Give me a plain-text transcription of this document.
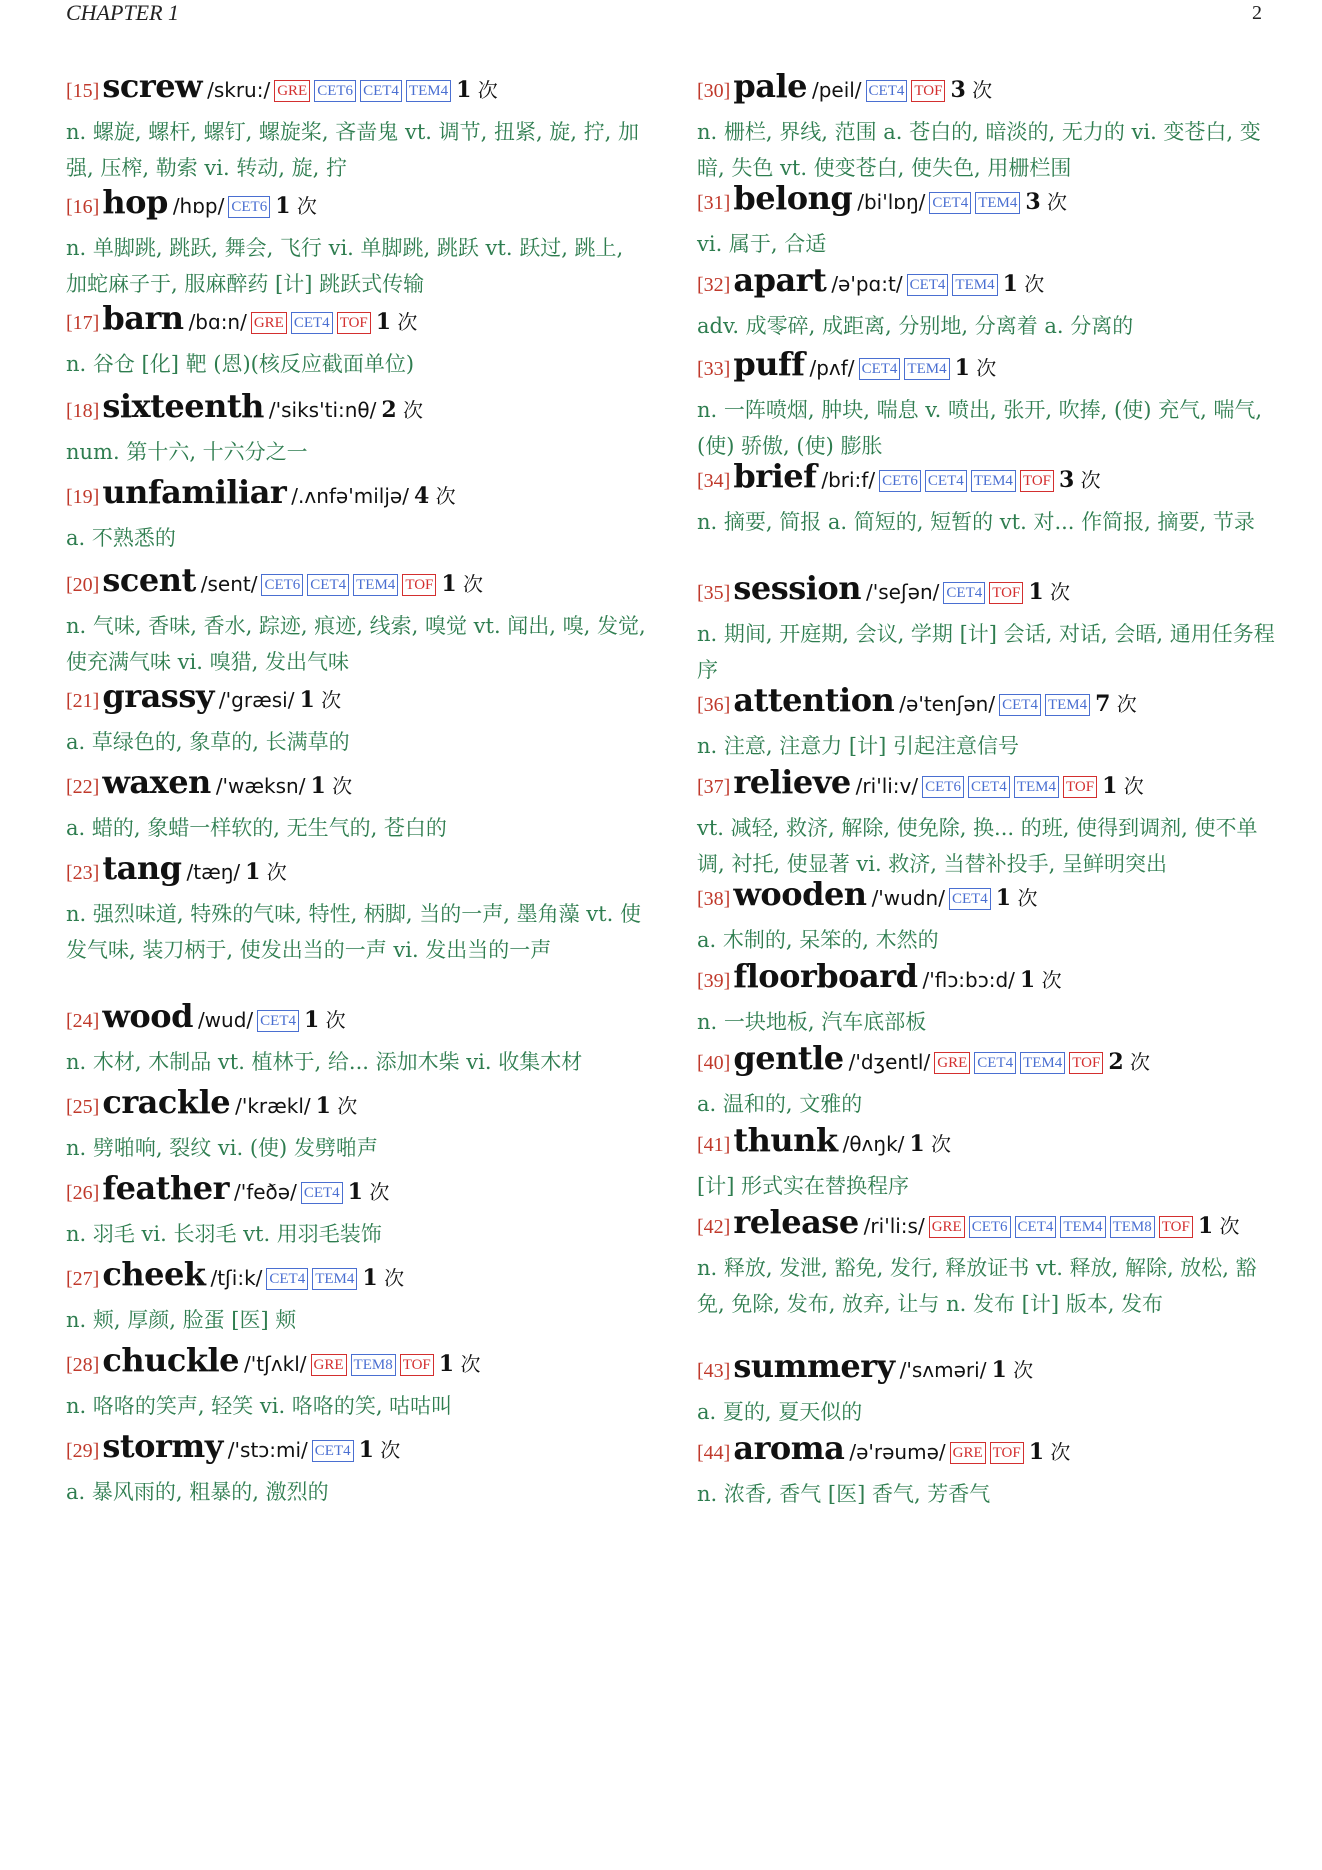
CHAPTER 1	2
[15]screw /skru:/ GRE CET6 CET4 TEM4 1 次
n. 螺旋, 螺杆, 螺钉, 螺旋桨, 吝啬鬼 vt. 调节, 扭紧, 旋, 拧, 加强, 压榨, 勒索 vi. 转动, 旋, 拧
[16]hop /hɒp/ CET6 1 次
n. 单脚跳, 跳跃, 舞会, 飞行 vi. 单脚跳, 跳跃 vt. 跃过, 跳上, 加蛇麻子于, 服麻醉药 [计] 跳跃式传输
[17]barn /bɑ:n/ GRE CET4 TOF 1 次
n. 谷仓 [化] 靶 (恩)(核反应截面单位)
[18]sixteenth /'siks'ti:nθ/ 2 次
num. 第十六, 十六分之一
[19]unfamiliar /.ʌnfə'miljə/ 4 次
a. 不熟悉的
[20]scent /sent/ CET6 CET4 TEM4 TOF 1 次
n. 气味, 香味, 香水, 踪迹, 痕迹, 线索, 嗅觉 vt. 闻出, 嗅, 发觉, 使充满气味 vi. 嗅猎, 发出气味
[21]grassy /'græsi/ 1 次
a. 草绿色的, 象草的, 长满草的
[22]waxen /'wæksn/ 1 次
a. 蜡的, 象蜡一样软的, 无生气的, 苍白的
[23]tang /tæŋ/ 1 次
n. 强烈味道, 特殊的气味, 特性, 柄脚, 当的一声, 墨角藻 vt. 使发气味, 装刀柄于, 使发出当的一声 vi. 发出当的一声
[24]wood /wud/ CET4 1 次
n. 木材, 木制品 vt. 植林于, 给... 添加木柴 vi. 收集木材
[25]crackle /'krækl/ 1 次
n. 劈啪响, 裂纹 vi. (使) 发劈啪声
[26]feather /'feðə/ CET4 1 次
n. 羽毛 vi. 长羽毛 vt. 用羽毛装饰
[27]cheek /tʃi:k/ CET4 TEM4 1 次
n. 颊, 厚颜, 脸蛋 [医] 颊
[28]chuckle /'tʃʌkl/ GRE TEM8 TOF 1 次
n. 咯咯的笑声, 轻笑 vi. 咯咯的笑, 咕咕叫
[29]stormy /'stɔ:mi/ CET4 1 次
a. 暴风雨的, 粗暴的, 激烈的
[30]pale /peil/ CET4 TOF 3 次
n. 栅栏, 界线, 范围 a. 苍白的, 暗淡的, 无力的 vi. 变苍白, 变暗, 失色 vt. 使变苍白, 使失色, 用栅栏围
[31]belong /bi'lɒŋ/ CET4 TEM4 3 次
vi. 属于, 合适
[32]apart /ə'pɑ:t/ CET4 TEM4 1 次
adv. 成零碎, 成距离, 分别地, 分离着 a. 分离的
[33]puff /pʌf/ CET4 TEM4 1 次
n. 一阵喷烟, 肿块, 喘息 v. 喷出, 张开, 吹捧, (使) 充气, 喘气, (使) 骄傲, (使) 膨胀
[34]brief /bri:f/ CET6 CET4 TEM4 TOF 3 次
n. 摘要, 简报 a. 简短的, 短暂的 vt. 对... 作简报, 摘要, 节录
[35]session /'seʃən/ CET4 TOF 1 次
n. 期间, 开庭期, 会议, 学期 [计] 会话, 对话, 会晤, 通用任务程序
[36]attention /ə'tenʃən/ CET4 TEM4 7 次
n. 注意, 注意力 [计] 引起注意信号
[37]relieve /ri'li:v/ CET6 CET4 TEM4 TOF 1 次
vt. 减轻, 救济, 解除, 使免除, 换... 的班, 使得到调剂, 使不单调, 衬托, 使显著 vi. 救济, 当替补投手, 呈鲜明突出
[38]wooden /'wudn/ CET4 1 次
a. 木制的, 呆笨的, 木然的
[39]floorboard /'flɔ:bɔ:d/ 1 次
n. 一块地板, 汽车底部板
[40]gentle /'dʒentl/ GRE CET4 TEM4 TOF 2 次
a. 温和的, 文雅的
[41]thunk /θʌŋk/ 1 次
[计] 形式实在替换程序
[42]release /ri'li:s/ GRE CET6 CET4 TEM4 TEM8 TOF 1 次
n. 释放, 发泄, 豁免, 发行, 释放证书 vt. 释放, 解除, 放松, 豁免, 免除, 发布, 放弃, 让与 n. 发布 [计] 版本, 发布
[43]summery /'sʌməri/ 1 次
a. 夏的, 夏天似的
[44]aroma /ə'rəumə/ GRE TOF 1 次
n. 浓香, 香气 [医] 香气, 芳香气
